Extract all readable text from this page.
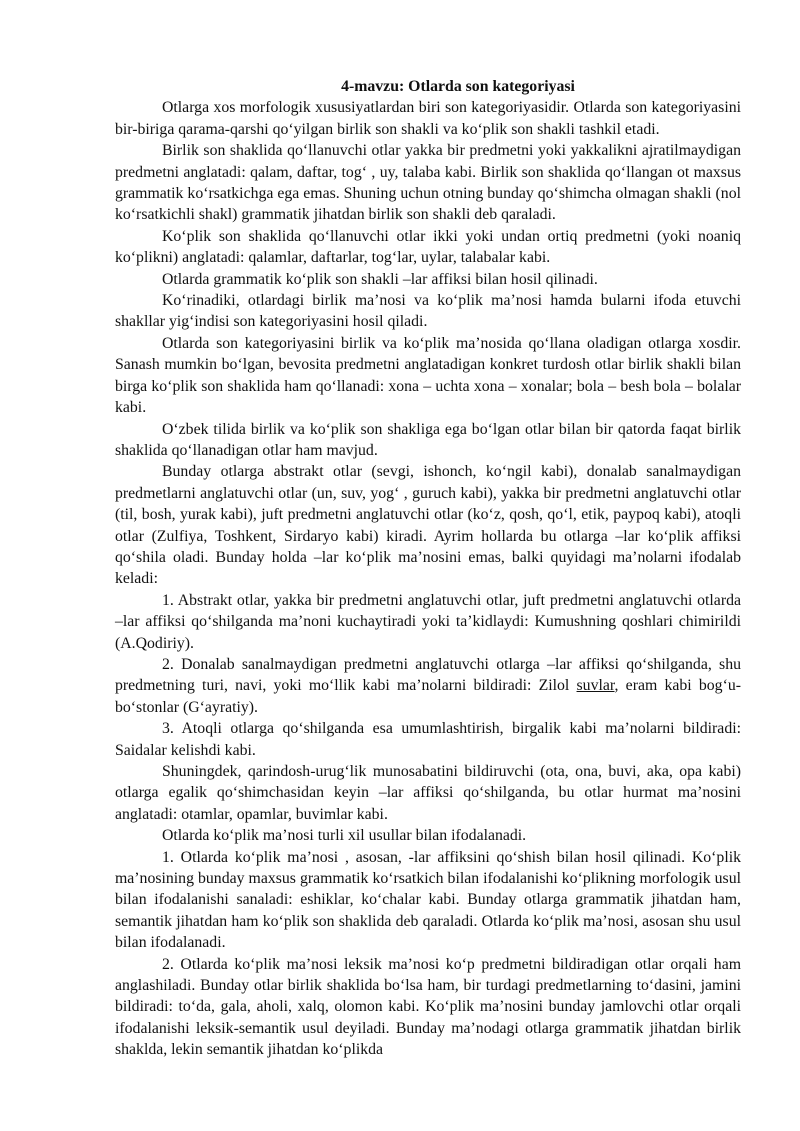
4-mavzu: Otlarda son kategoriyasi

Otlarga xos morfologik xususiyatlardan biri son kategoriyasidir. Otlarda son kategoriyasini bir-biriga qarama-qarshi qo‘yilgan birlik son shakli va ko‘plik son shakli tashkil etadi.

Birlik son shaklida qo‘llanuvchi otlar yakka bir predmetni yoki yakkalikni ajratilmaydigan predmetni anglatadi: qalam, daftar, tog‘ , uy, talaba kabi. Birlik son shaklida qo‘llangan ot maxsus grammatik ko‘rsatkichga ega emas. Shuning uchun otning bunday qo‘shimcha olmagan shakli (nol ko‘rsatkichli shakl) grammatik jihatdan birlik son shakli deb qaraladi.

Ko‘plik son shaklida qo‘llanuvchi otlar ikki yoki undan ortiq predmetni (yoki noaniq ko‘plikni) anglatadi: qalamlar, daftarlar, tog‘lar, uylar, talabalar kabi.

Otlarda grammatik ko‘plik son shakli –lar affiksi bilan hosil qilinadi.

Ko‘rinadiki, otlardagi birlik ma’nosi va ko‘plik ma’nosi hamda bularni ifoda etuvchi shakllar yig‘indisi son kategoriyasini hosil qiladi.

Otlarda son kategoriyasini birlik va ko‘plik ma’nosida qo‘llana oladigan otlarga xosdir. Sanash mumkin bo‘lgan, bevosita predmetni anglatadigan konkret turdosh otlar birlik shakli bilan birga ko‘plik son shaklida ham qo‘llanadi: xona – uchta xona – xonalar; bola – besh bola – bolalar kabi.

O‘zbek tilida birlik va ko‘plik son shakliga ega bo‘lgan otlar bilan bir qatorda faqat birlik shaklida qo‘llanadigan otlar ham mavjud.

Bunday otlarga abstrakt otlar (sevgi, ishonch, ko‘ngil kabi), donalab sanalmaydigan predmetlarni anglatuvchi otlar (un, suv, yog‘ , guruch kabi), yakka bir predmetni anglatuvchi otlar (til, bosh, yurak kabi), juft predmetni anglatuvchi otlar (ko‘z, qosh, qo‘l, etik, paypoq kabi), atoqli otlar (Zulfiya, Toshkent, Sirdaryo kabi) kiradi. Ayrim hollarda bu otlarga –lar ko‘plik affiksi qo‘shila oladi. Bunday holda –lar ko‘plik ma’nosini emas, balki quyidagi ma’nolarni ifodalab keladi:

1. Abstrakt otlar, yakka bir predmetni anglatuvchi otlar, juft predmetni anglatuvchi otlarda –lar affiksi qo‘shilganda ma’noni kuchaytiradi yoki ta’kidlaydi: Kumushning qoshlari chimirildi (A.Qodiriy).

2. Donalab sanalmaydigan predmetni anglatuvchi otlarga –lar affiksi qo‘shilganda, shu predmetning turi, navi, yoki mo‘llik kabi ma’nolarni bildiradi: Zilol suvlar, eram kabi bog‘u-bo‘stonlar (G‘ayratiy).

3. Atoqli otlarga qo‘shilganda esa umumlashtirish, birgalik kabi ma’nolarni bildiradi: Saidalar kelishdi kabi.

Shuningdek, qarindosh-urug‘lik munosabatini bildiruvchi (ota, ona, buvi, aka, opa kabi) otlarga egalik qo‘shimchasidan keyin –lar affiksi qo‘shilganda, bu otlar hurmat ma’nosini anglatadi: otamlar, opamlar, buvimlar kabi.

Otlarda ko‘plik ma’nosi turli xil usullar bilan ifodalanadi.

1. Otlarda ko‘plik ma’nosi , asosan, -lar affiksini qo‘shish bilan hosil qilinadi. Ko‘plik ma’nosining bunday maxsus grammatik ko‘rsatkich bilan ifodalanishi ko‘plikning morfologik usul bilan ifodalanishi sanaladi: eshiklar, ko‘chalar kabi. Bunday otlarga grammatik jihatdan ham, semantik jihatdan ham ko‘plik son shaklida deb qaraladi. Otlarda ko‘plik ma’nosi, asosan shu usul bilan ifodalanadi.

2. Otlarda ko‘plik ma’nosi leksik ma’nosi ko‘p predmetni bildiradigan otlar orqali ham anglashiladi. Bunday otlar birlik shaklida bo‘lsa ham, bir turdagi predmetlarning to‘dasini, jamini bildiradi: to‘da, gala, aholi, xalq, olomon kabi. Ko‘plik ma’nosini bunday jamlovchi otlar orqali ifodalanishi leksik-semantik usul deyiladi. Bunday ma’nodagi otlarga grammatik jihatdan birlik shaklda, lekin semantik jihatdan ko‘plikda
